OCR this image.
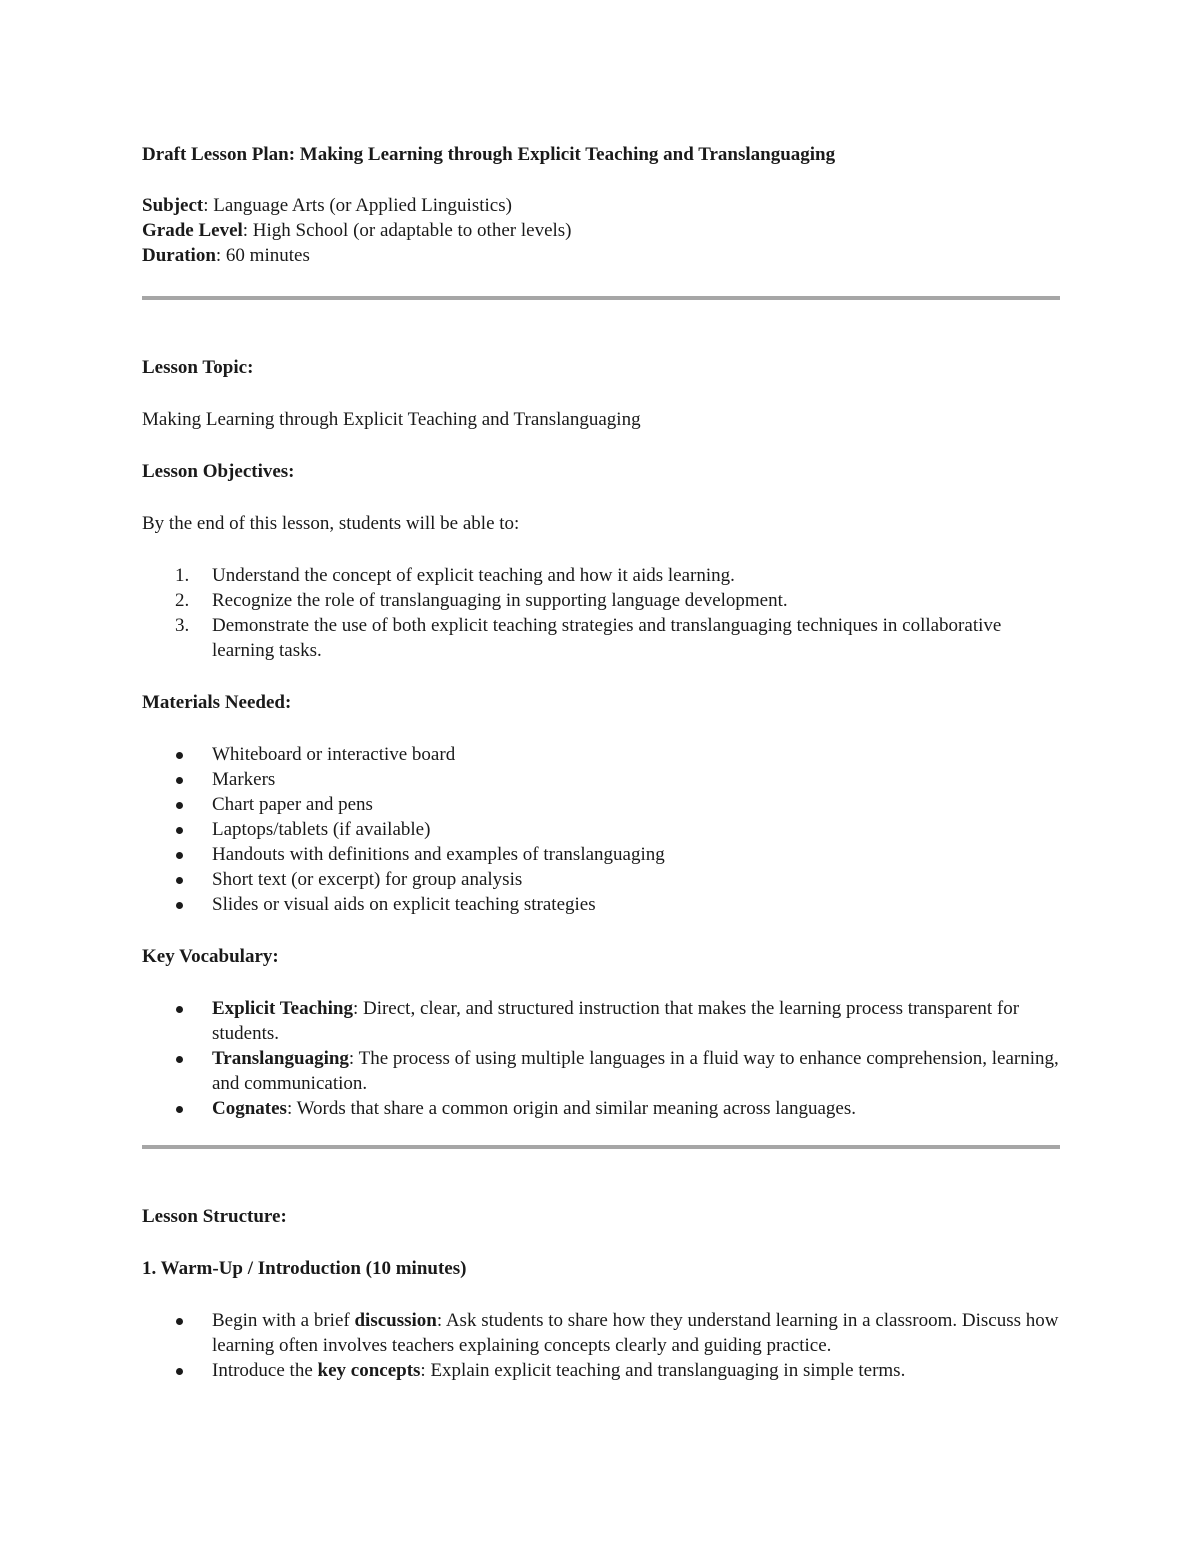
Draft Lesson Plan: Making Learning through Explicit Teaching and Translanguaging

Subject: Language Arts (or Applied Linguistics)

Grade Level: High School (or adaptable to other levels)

Duration: 60 minutes

Lesson Topic:

Making Learning through Explicit Teaching and Translanguaging

Lesson Objectives:

By the end of this lesson, students will be able to:

1. Understand the concept of explicit teaching and how it aids learning.
2. Recognize the role of translanguaging in supporting language development.
3. Demonstrate the use of both explicit teaching strategies and translanguaging techniques in collaborative learning tasks.

Materials Needed:

Whiteboard or interactive board
Markers
Chart paper and pens
Laptops/tablets (if available)
Handouts with definitions and examples of translanguaging
Short text (or excerpt) for group analysis
Slides or visual aids on explicit teaching strategies

Key Vocabulary:

Explicit Teaching: Direct, clear, and structured instruction that makes the learning process transparent for students.
Translanguaging: The process of using multiple languages in a fluid way to enhance comprehension, learning, and communication.
Cognates: Words that share a common origin and similar meaning across languages.

Lesson Structure:

1. Warm-Up / Introduction (10 minutes)

Begin with a brief discussion: Ask students to share how they understand learning in a classroom. Discuss how learning often involves teachers explaining concepts clearly and guiding practice.
Introduce the key concepts: Explain explicit teaching and translanguaging in simple terms.
